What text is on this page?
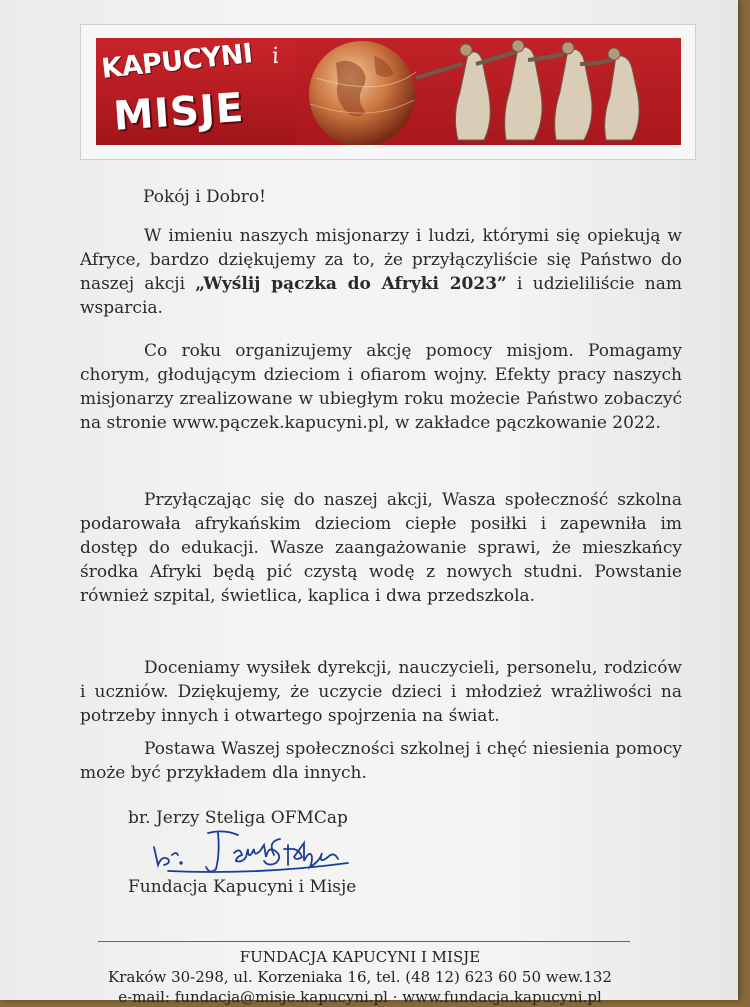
KAPUCYNI i
MISJE
Pokój i Dobro!
W imieniu naszych misjonarzy i ludzi, którymi się opiekują w Afryce, bardzo dziękujemy za to, że przyłączyliście się Państwo do naszej akcji „Wyślij pączka do Afryki 2023” i udzieliliście nam wsparcia.
Co roku organizujemy akcję pomocy misjom. Pomagamy chorym, głodującym dzieciom i ofiarom wojny. Efekty pracy naszych misjonarzy zrealizowane w ubiegłym roku możecie Państwo zobaczyć na stronie www.pączek.kapucyni.pl, w zakładce pączkowanie 2022.
Przyłączając się do naszej akcji, Wasza społeczność szkolna podarowała afrykańskim dzieciom ciepłe posiłki i zapewniła im dostęp do edukacji. Wasze zaangażowanie sprawi, że mieszkańcy środka Afryki będą pić czystą wodę z nowych studni. Powstanie również szpital, świetlica, kaplica i dwa przedszkola.
Doceniamy wysiłek dyrekcji, nauczycieli, personelu, rodziców i uczniów. Dziękujemy, że uczycie dzieci i młodzież wrażliwości na potrzeby innych i otwartego spojrzenia na świat.
Postawa Waszej społeczności szkolnej i chęć niesienia pomocy może być przykładem dla innych.
br. Jerzy Steliga OFMCap
Fundacja Kapucyni i Misje
FUNDACJA KAPUCYNI I MISJE
Kraków 30-298, ul. Korzeniaka 16, tel. (48 12) 623 60 50 wew.132
e-mail: fundacja@misje.kapucyni.pl · www.fundacja.kapucyni.pl
